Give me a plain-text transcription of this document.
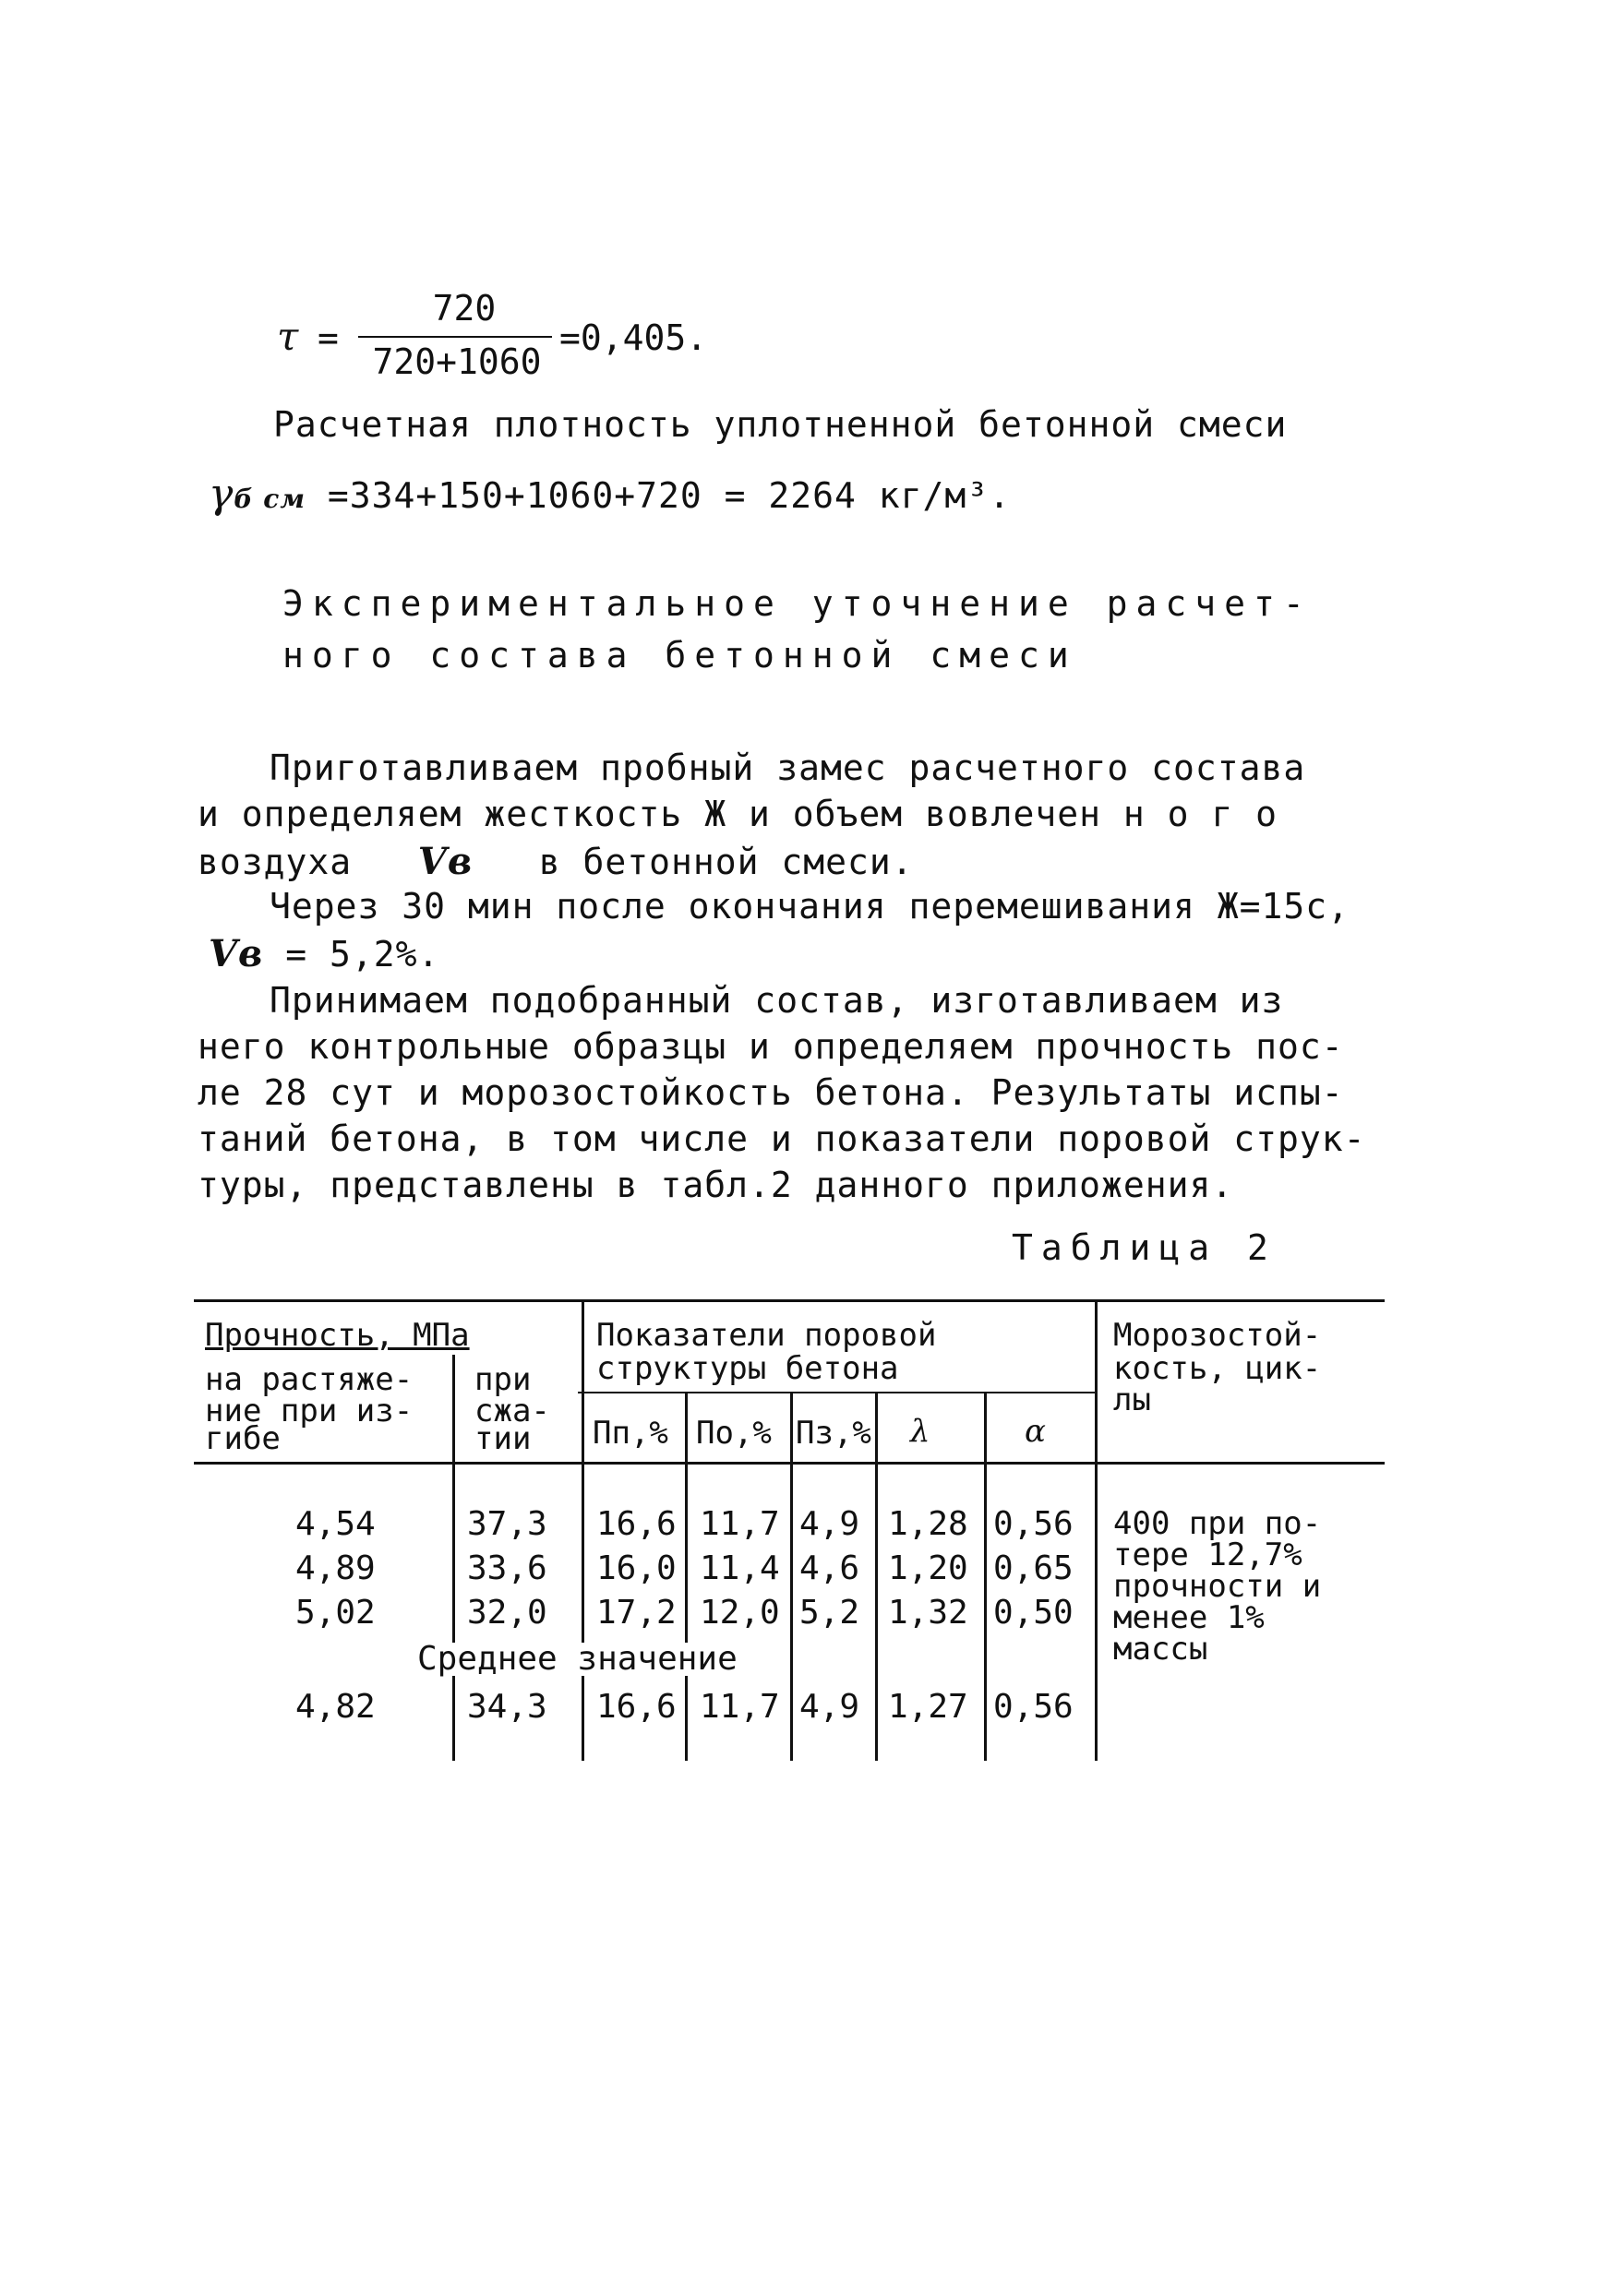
τ =
720
720+1060
=0,405.
Расчетная плотность уплотненной бетонной смеси
γб см =334+150+1060+720 = 2264 кг/м³.
Экспериментальное уточнение расчет-
ного состава бетонной смеси
Приготавливаем пробный замес расчетного состава
и определяем жесткость Ж и объем вовлечен н о г о
воздуха Vв в бетонной смеси.
Через 30 мин после окончания перемешивания Ж=15с,
Vв = 5,2%.
Принимаем подобранный состав, изготавливаем из
него контрольные образцы и определяем прочность пос-
ле 28 сут и морозостойкость бетона. Результаты испы-
таний бетона, в том числе и показатели поровой струк-
туры, представлены в табл.2 данного приложения.
Таблица 2
Прочность, МПа
на растяже-
ние при из-
гибе
при
сжа-
тии
Показатели поровой
структуры бетона
Пп,% По,% Пз,% λ	α
Морозостой-
кость, цик-
лы
4,54	37,3 16,6 11,7 4,9 1,28 0,56
4,89	33,6 16,0 11,4 4,6 1,20 0,65
5,02	32,0 17,2 12,0 5,2 1,32 0,50
400 при по-
тере 12,7%
прочности и
менее 1%
массы
Среднее значение
4,82	34,3 16,6 11,7 4,9 1,27 0,56
